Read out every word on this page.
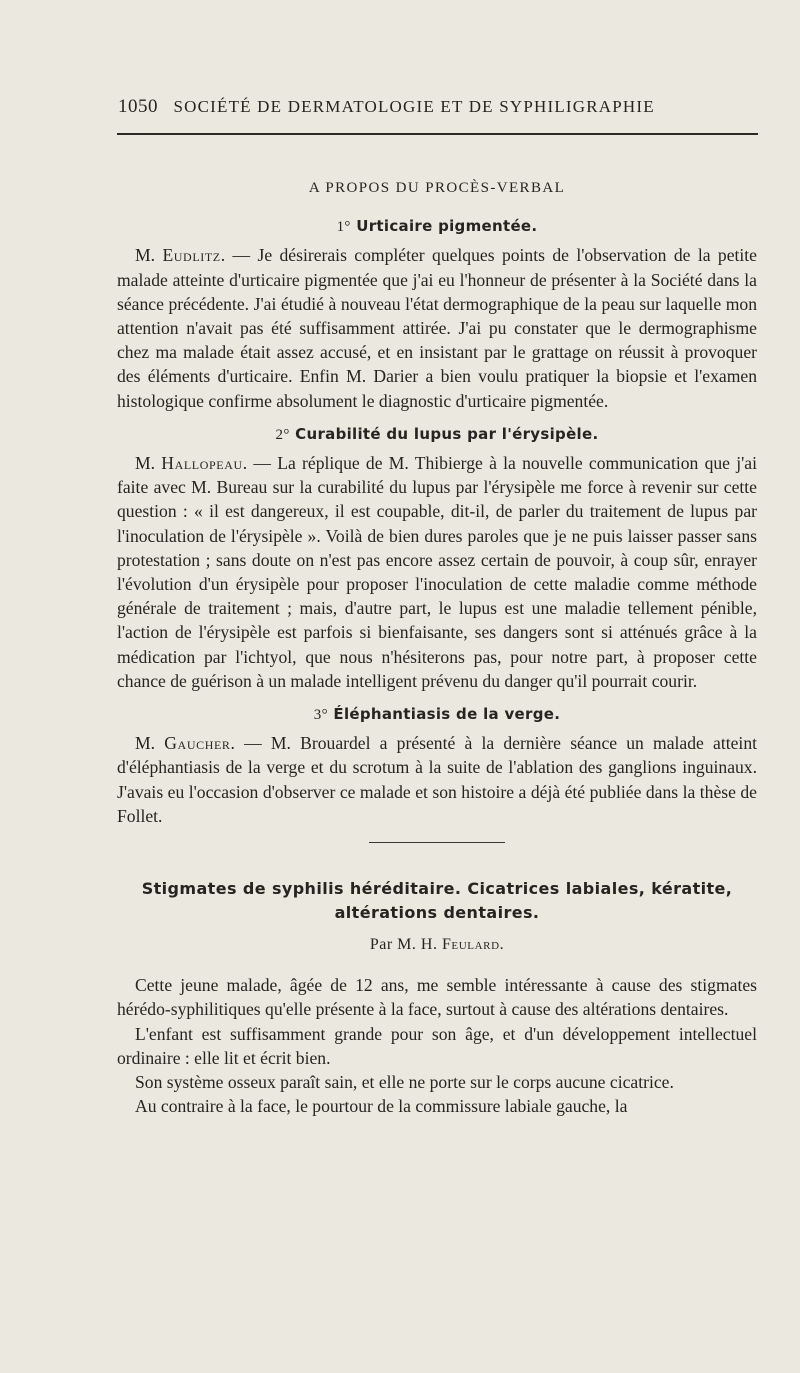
1050 SOCIÉTÉ DE DERMATOLOGIE ET DE SYPHILIGRAPHIE
A PROPOS DU PROCÈS-VERBAL
1° Urticaire pigmentée.

M. Eudlitz. — Je désirerais compléter quelques points de l'observation de la petite malade atteinte d'urticaire pigmentée que j'ai eu l'honneur de présenter à la Société dans la séance précédente. J'ai étudié à nouveau l'état dermographique de la peau sur laquelle mon attention n'avait pas été suffisamment attirée. J'ai pu constater que le dermographisme chez ma malade était assez accusé, et en insistant par le grattage on réussit à provoquer des éléments d'urticaire. Enfin M. Darier a bien voulu pratiquer la biopsie et l'examen histologique confirme absolument le diagnostic d'urticaire pigmentée.

2° Curabilité du lupus par l'érysipèle.

M. Hallopeau. — La réplique de M. Thibierge à la nouvelle communication que j'ai faite avec M. Bureau sur la curabilité du lupus par l'érysipèle me force à revenir sur cette question : « il est dangereux, il est coupable, dit-il, de parler du traitement de lupus par l'inoculation de l'érysipèle ». Voilà de bien dures paroles que je ne puis laisser passer sans protestation ; sans doute on n'est pas encore assez certain de pouvoir, à coup sûr, enrayer l'évolution d'un érysipèle pour proposer l'inoculation de cette maladie comme méthode générale de traitement ; mais, d'autre part, le lupus est une maladie tellement pénible, l'action de l'érysipèle est parfois si bienfaisante, ses dangers sont si atténués grâce à la médication par l'ichtyol, que nous n'hésiterons pas, pour notre part, à proposer cette chance de guérison à un malade intelligent prévenu du danger qu'il pourrait courir.

3° Éléphantiasis de la verge.

M. Gaucher. — M. Brouardel a présenté à la dernière séance un malade atteint d'éléphantiasis de la verge et du scrotum à la suite de l'ablation des ganglions inguinaux. J'avais eu l'occasion d'observer ce malade et son histoire a déjà été publiée dans la thèse de Follet.

Stigmates de syphilis héréditaire. Cicatrices labiales, kératite,
altérations dentaires.
Par M. H. Feulard.

Cette jeune malade, âgée de 12 ans, me semble intéressante à cause des stigmates hérédo-syphilitiques qu'elle présente à la face, surtout à cause des altérations dentaires.

L'enfant est suffisamment grande pour son âge, et d'un développement intellectuel ordinaire : elle lit et écrit bien.

Son système osseux paraît sain, et elle ne porte sur le corps aucune cicatrice.

Au contraire à la face, le pourtour de la commissure labiale gauche, la
